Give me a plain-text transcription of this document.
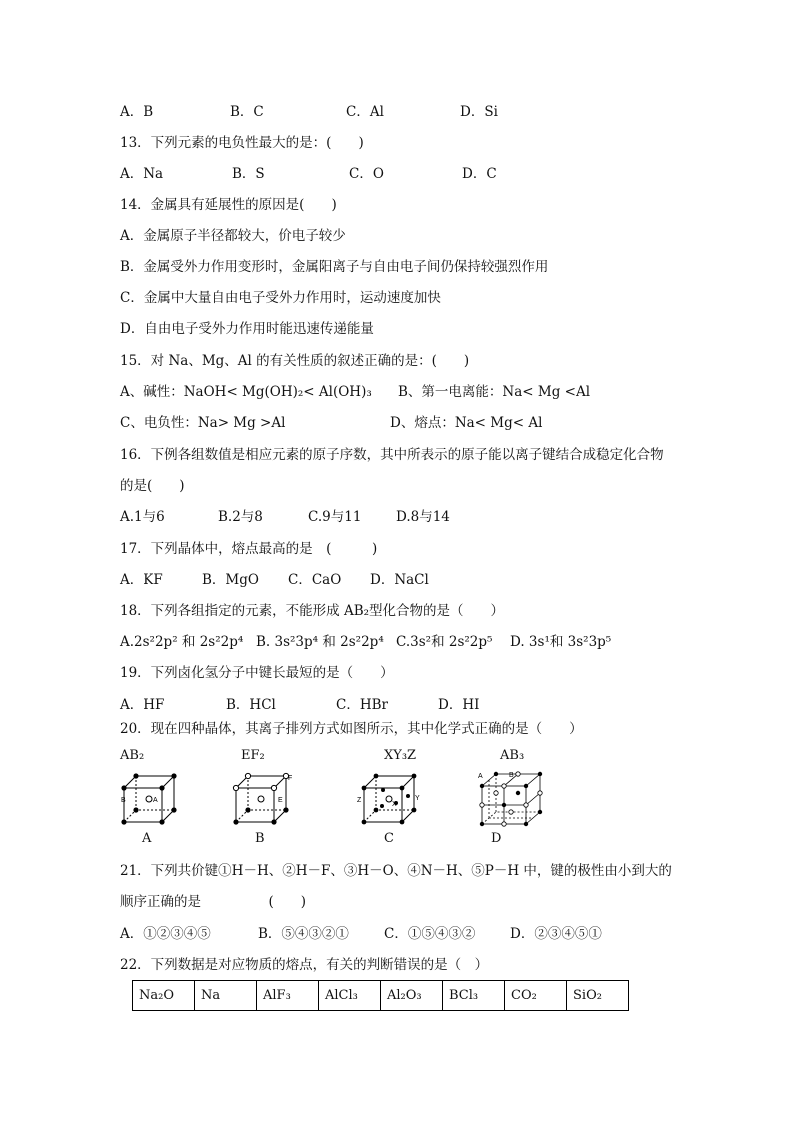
A．B

	B．C

	C．Al

	D．Si

13．下列元素的电负性最大的是：(　　)

A．Na

	B．S

	C．O

	D．C

14．金属具有延展性的原因是(　　)
A．金属原子半径都较大，价电子较少
B．金属受外力作用变形时，金属阳离子与自由电子间仍保持较强烈作用
C．金属中大量自由电子受外力作用时，运动速度加快
D．自由电子受外力作用时能迅速传递能量
15．对 Na、Mg、Al 的有关性质的叙述正确的是：(　　)

A、碱性：NaOH< Mg(OH)₂< Al(OH)₃

B、第一电离能：Na< Mg <Al

C、电负性：Na> Mg >Al

	D、熔点：Na< Mg< Al

16．下例各组数值是相应元素的原子序数，其中所表示的原子能以离子键结合成稳定化合物
的是(　　)

A.1与6

	B.2与8

	C.9与11

	D.8与14

17．下列晶体中，熔点最高的是　(　　　)

A．KF

	B．MgO

C．CaO

D．NaCl

18．下列各组指定的元素，不能形成 AB₂型化合物的是（　　）

A.2s²2p² 和 2s²2p⁴

B. 3s²3p⁴ 和 2s²2p⁴

C.3s²和 2s²2p⁵

D. 3s¹和 3s²3p⁵

19．下列卤化氢分子中键长最短的是（　　）

A．HF

	B．HCl

	C．HBr

	D．HI

20．现在四种晶体，其离子排列方式如图所示，其中化学式正确的是（　　）
AB₂	EF₂	XY₃Z	AB₃
B	A
F
E	Z	Y
X
A	B
A	B	C	D
21．下列共价键①H－H、②H－F、③H－O、④N－H、⑤P－H 中，键的极性由小到大的
顺序正确的是　　　　　(　　)

A．①②③④⑤

	B．⑤④③②①

	C．①⑤④③②

	D．②③④⑤①

22．下列数据是对应物质的熔点，有关的判断错误的是（　）
Na₂O	Na	AlF₃	AlCl₃	Al₂O₃	BCl₃	CO₂	SiO₂
